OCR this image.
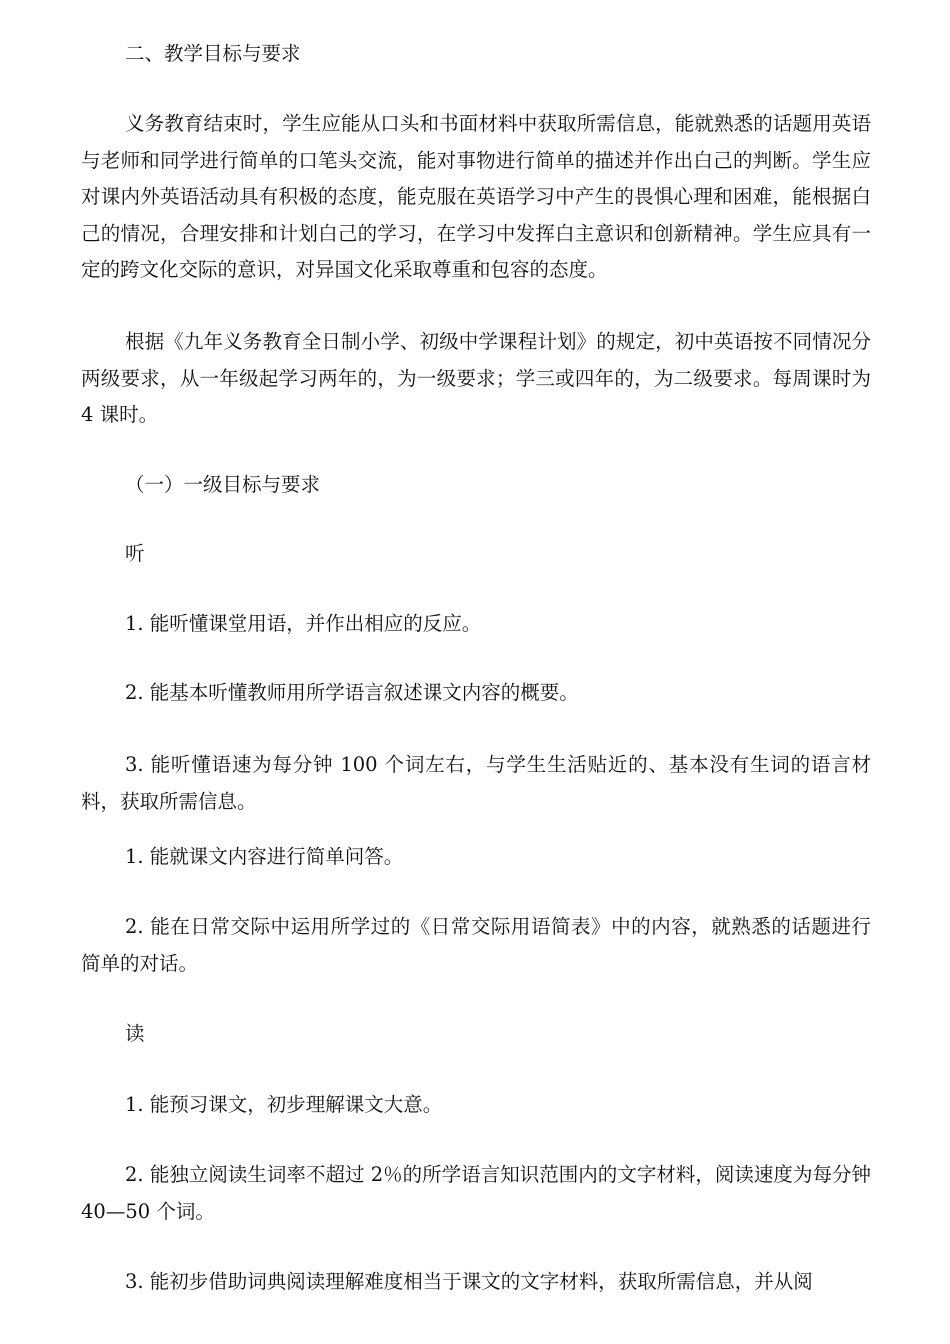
二、教学目标与要求

义务教育结束时，学生应能从口头和书面材料中获取所需信息，能就熟悉的话题用英语与老师和同学进行简单的口笔头交流，能对事物进行简单的描述并作出白己的判断。学生应对课内外英语活动具有积极的态度，能克服在英语学习中产生的畏惧心理和困难，能根据白己的情况，合理安排和计划白己的学习，在学习中发挥白主意识和创新精神。学生应具有一定的跨文化交际的意识，对异国文化采取尊重和包容的态度。

根据《九年义务教育全日制小学、初级中学课程计划》的规定，初中英语按不同情况分两级要求，从一年级起学习两年的，为一级要求；学三或四年的，为二级要求。每周课时为 4 课时。

（一）一级目标与要求

听

1. 能听懂课堂用语，并作出相应的反应。

2. 能基本听懂教师用所学语言叙述课文内容的概要。

3. 能听懂语速为每分钟 100 个词左右，与学生生活贴近的、基本没有生词的语言材料，获取所需信息。

1. 能就课文内容进行简单问答。

2. 能在日常交际中运用所学过的《日常交际用语简表》中的内容，就熟悉的话题进行简单的对话。

读

1. 能预习课文，初步理解课文大意。

2. 能独立阅读生词率不超过 2％的所学语言知识范围内的文字材料，阅读速度为每分钟 40—50 个词。

3. 能初步借助词典阅读理解难度相当于课文的文字材料，获取所需信息，并从阅
